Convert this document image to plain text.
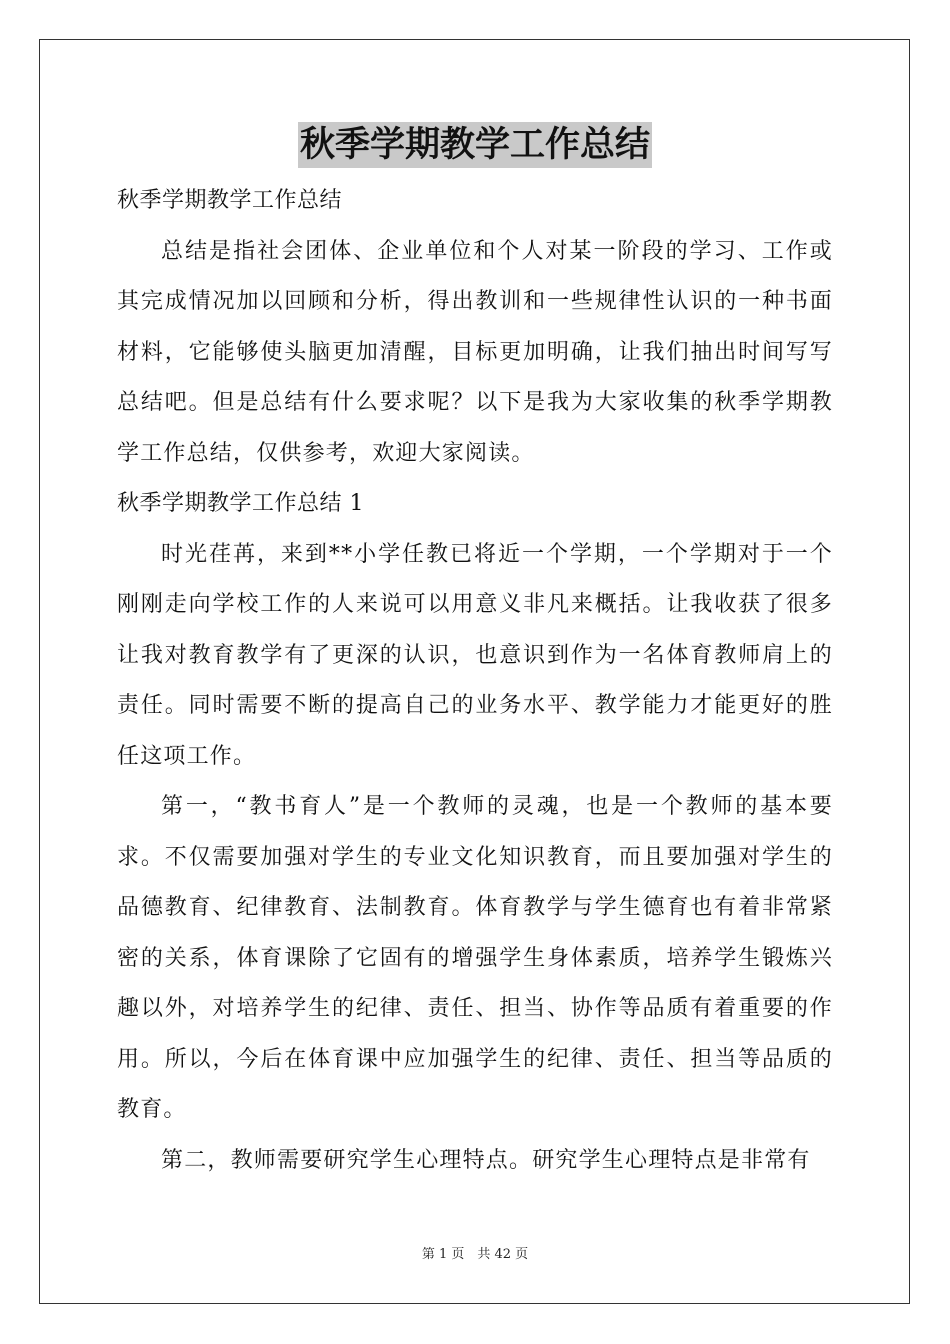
秋季学期教学工作总结

秋季学期教学工作总结

总结是指社会团体、企业单位和个人对某一阶段的学习、工作或其完成情况加以回顾和分析，得出教训和一些规律性认识的一种书面材料，它能够使头脑更加清醒，目标更加明确，让我们抽出时间写写总结吧。但是总结有什么要求呢？以下是我为大家收集的秋季学期教学工作总结，仅供参考，欢迎大家阅读。

秋季学期教学工作总结 1

时光荏苒，来到**小学任教已将近一个学期，一个学期对于一个刚刚走向学校工作的人来说可以用意义非凡来概括。让我收获了很多让我对教育教学有了更深的认识，也意识到作为一名体育教师肩上的责任。同时需要不断的提高自己的业务水平、教学能力才能更好的胜任这项工作。

第一，“教书育人”是一个教师的灵魂，也是一个教师的基本要求。不仅需要加强对学生的专业文化知识教育，而且要加强对学生的品德教育、纪律教育、法制教育。体育教学与学生德育也有着非常紧密的关系，体育课除了它固有的增强学生身体素质，培养学生锻炼兴趣以外，对培养学生的纪律、责任、担当、协作等品质有着重要的作用。所以，今后在体育课中应加强学生的纪律、责任、担当等品质的教育。

第二，教师需要研究学生心理特点。研究学生心理特点是非常有

第 1 页　共 42 页
